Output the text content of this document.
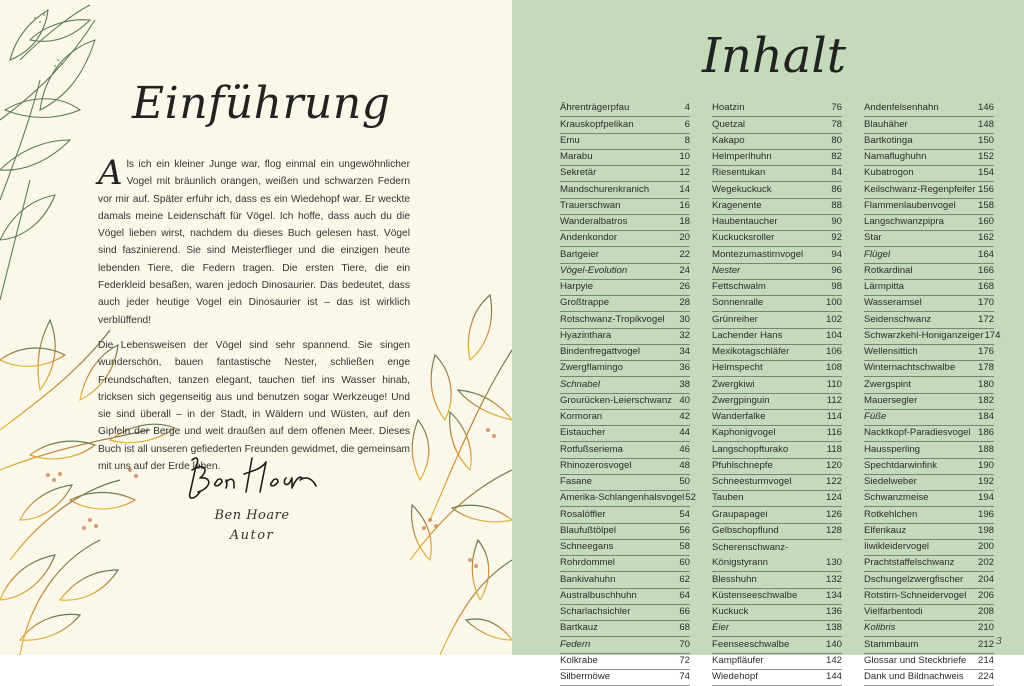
Einführung

Als ich ein kleiner Junge war, flog einmal ein ungewöhnlicher Vogel mit bräunlich orangen, weißen und schwarzen Federn vor mir auf. Später erfuhr ich, dass es ein Wiedehopf war. Er weckte damals meine Leidenschaft für Vögel. Ich hoffe, dass auch du die Vögel lieben wirst, nachdem du dieses Buch gelesen hast. Vögel sind faszinierend. Sie sind Meisterflieger und die einzigen heute lebenden Tiere, die Federn tragen. Die ersten Tiere, die ein Federkleid besaßen, waren jedoch Dinosaurier. Das bedeutet, dass auch jeder heutige Vogel ein Dinosaurier ist – das ist wirklich verblüffend!

Die Lebensweisen der Vögel sind sehr spannend. Sie singen wunderschön, bauen fantastische Nester, schließen enge Freundschaften, tanzen elegant, tauchen tief ins Wasser hinab, tricksen sich gegenseitig aus und benutzen sogar Werkzeuge! Und sie sind überall – in der Stadt, in Wäldern und Wüsten, auf den Gipfeln der Berge und weit draußen auf dem offenen Meer. Dieses Buch ist all unseren gefiederten Freunden gewidmet, die gemeinsam mit uns auf der Erde leben.

Ben Hoare
Autor
Inhalt
Ährenträgerpfau	4
Krauskopfpelikan	6
Emu	8
Marabu	10
Sekretär	12
Mandschurenkranich	14
Trauerschwan	16
Wanderalbatros	18
Andenkondor	20
Bartgeier	22
Vögel-Evolution	24
Harpyie	26
Großtrappe	28
Rotschwanz-Tropikvogel	30
Hyazinthara	32
Bindenfregattvogel	34
Zwergflamingo	36
Schnabel	38
Grourücken-Leierschwanz 40
Kormoran	42
Eistaucher	44
Rotfußseriema	46
Rhinozerosvogel	48
Fasane	50
Amerika-Schlangenhalsvogel 52
Rosalöffler	54
Blaufußtölpel	56
Schneegans	58
Rohrdommel	60
Bankivahuhn	62
Australbuschhuhn	64
Scharlachsichler	66
Bartkauz	68
Federn	70
Kolkrabe	72
Silbermöwe	74
Hoatzin	76
Quetzal	78
Kakapo	80
Helmperlhuhn	82
Riesentukan	84
Wegekuckuck	86
Kragenente	88
Haubentaucher	90
Kuckucksroller	92
Montezumastirnvogel	94
Nester	96
Fettschwalm	98
Sonnenralle	100
Grünreiher	102
Lachender Hans	104
Mexikotagschläfer	106
Helmspecht	108
Zwergkiwi	110
Zwergpinguin	112
Wanderfalke	114
Kaphonigvogel	116
Langschopfturako	118
Pfuhlschnepfe	120
Schneesturmvogel	122
Tauben	124
Graupapagei	126
Gelbschopflund	128
Scherenschwanz-
Königstyrann	130
Blesshuhn	132
Küstenseeschwalbe	134
Kuckuck	136
Eier	138
Feenseeschwalbe	140
Kampfläufer	142
Wiedehopf	144
Andenfelsenhahn	146
Blauhäher	148
Bartkotinga	150
Namaflughuhn	152
Kubatrogon	154
Keilschwanz-Regenpfeifer 156
Flammenlaubenvogel	158
Langschwanzpipra	160
Star	162
Flügel	164
Rotkardinal	166
Lärmpitta	168
Wasseramsel	170
Seidenschwanz	172
Schwarzkehl-Honiganzeiger 174
Wellensittich	176
Winternachtschwalbe	178
Zwergspint	180
Mauersegler	182
Füße	184
Nacktkopf-Paradiesvogel 186
Haussperling	188
Spechtdarwinfink	190
Siedelweber	192
Schwanzmeise	194
Rotkehlchen	196
Elfenkauz	198
Iiwikleidervogel	200
Prachtstaffelschwanz	202
Dschungelzwergfischer	204
Rotstirn-Schneidervogel	206
Vielfarbentodi	208
Kolibris	210
Stammbaum	212
Glossar und Steckbriefe	214
Dank und Bildnachweis	224
3
